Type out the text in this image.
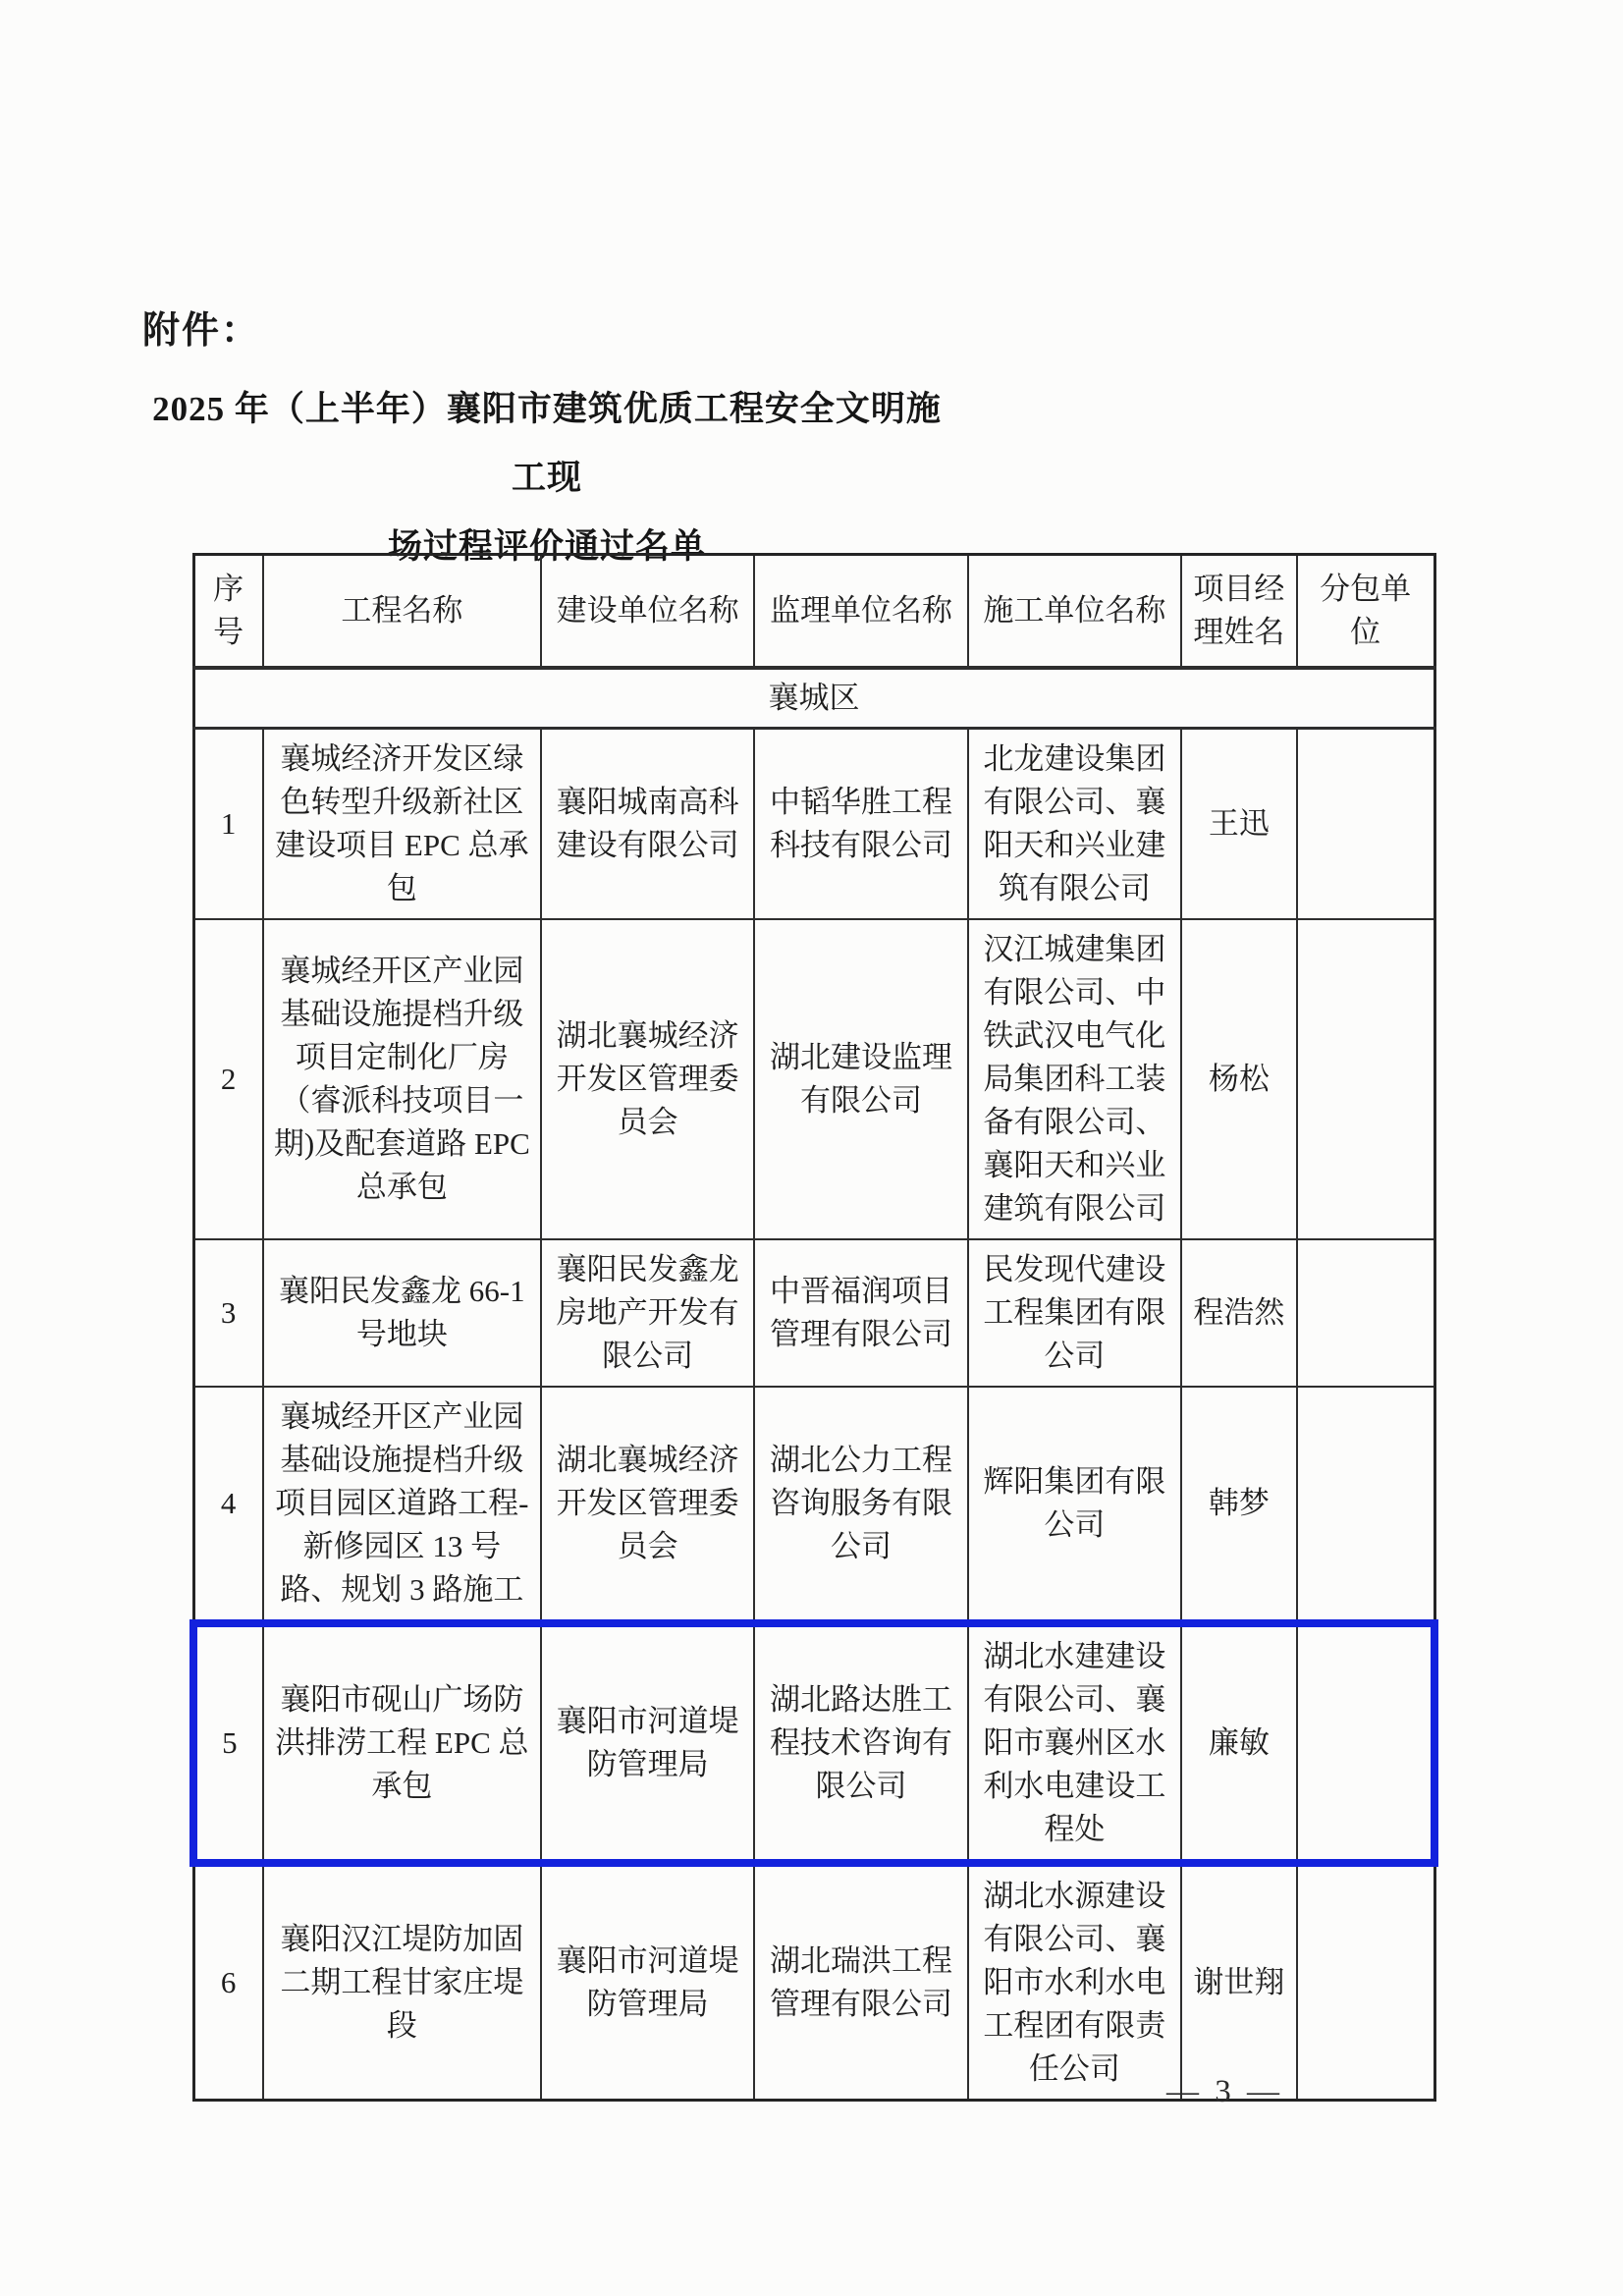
附件：
2025 年（上半年）襄阳市建筑优质工程安全文明施工现
场过程评价通过名单
序号	工程名称	建设单位名称	监理单位名称	施工单位名称	项目经理姓名	分包单位
襄城区						
1	襄城经济开发区绿色转型升级新社区建设项目 EPC 总承包	襄阳城南高科建设有限公司	中韬华胜工程科技有限公司	北龙建设集团有限公司、襄阳天和兴业建筑有限公司	王迅	
2	襄城经开区产业园基础设施提档升级项目定制化厂房（睿派科技项目一期)及配套道路 EPC 总承包	湖北襄城经济开发区管理委员会	湖北建设监理有限公司	汉江城建集团有限公司、中铁武汉电气化局集团科工装备有限公司、襄阳天和兴业建筑有限公司	杨松	
3	襄阳民发鑫龙 66-1 号地块	襄阳民发鑫龙房地产开发有限公司	中晋福润项目管理有限公司	民发现代建设工程集团有限公司	程浩然	
4	襄城经开区产业园基础设施提档升级项目园区道路工程-新修园区 13 号路、规划 3 路施工	湖北襄城经济开发区管理委员会	湖北公力工程咨询服务有限公司	辉阳集团有限公司	韩梦	
5	襄阳市砚山广场防洪排涝工程 EPC 总承包	襄阳市河道堤防管理局	湖北路达胜工程技术咨询有限公司	湖北水建建设有限公司、襄阳市襄州区水利水电建设工程处	廉敏	
6	襄阳汉江堤防加固二期工程甘家庄堤段	襄阳市河道堤防管理局	湖北瑞洪工程管理有限公司	湖北水源建设有限公司、襄阳市水利水电工程团有限责任公司	谢世翔	
— 3 —
